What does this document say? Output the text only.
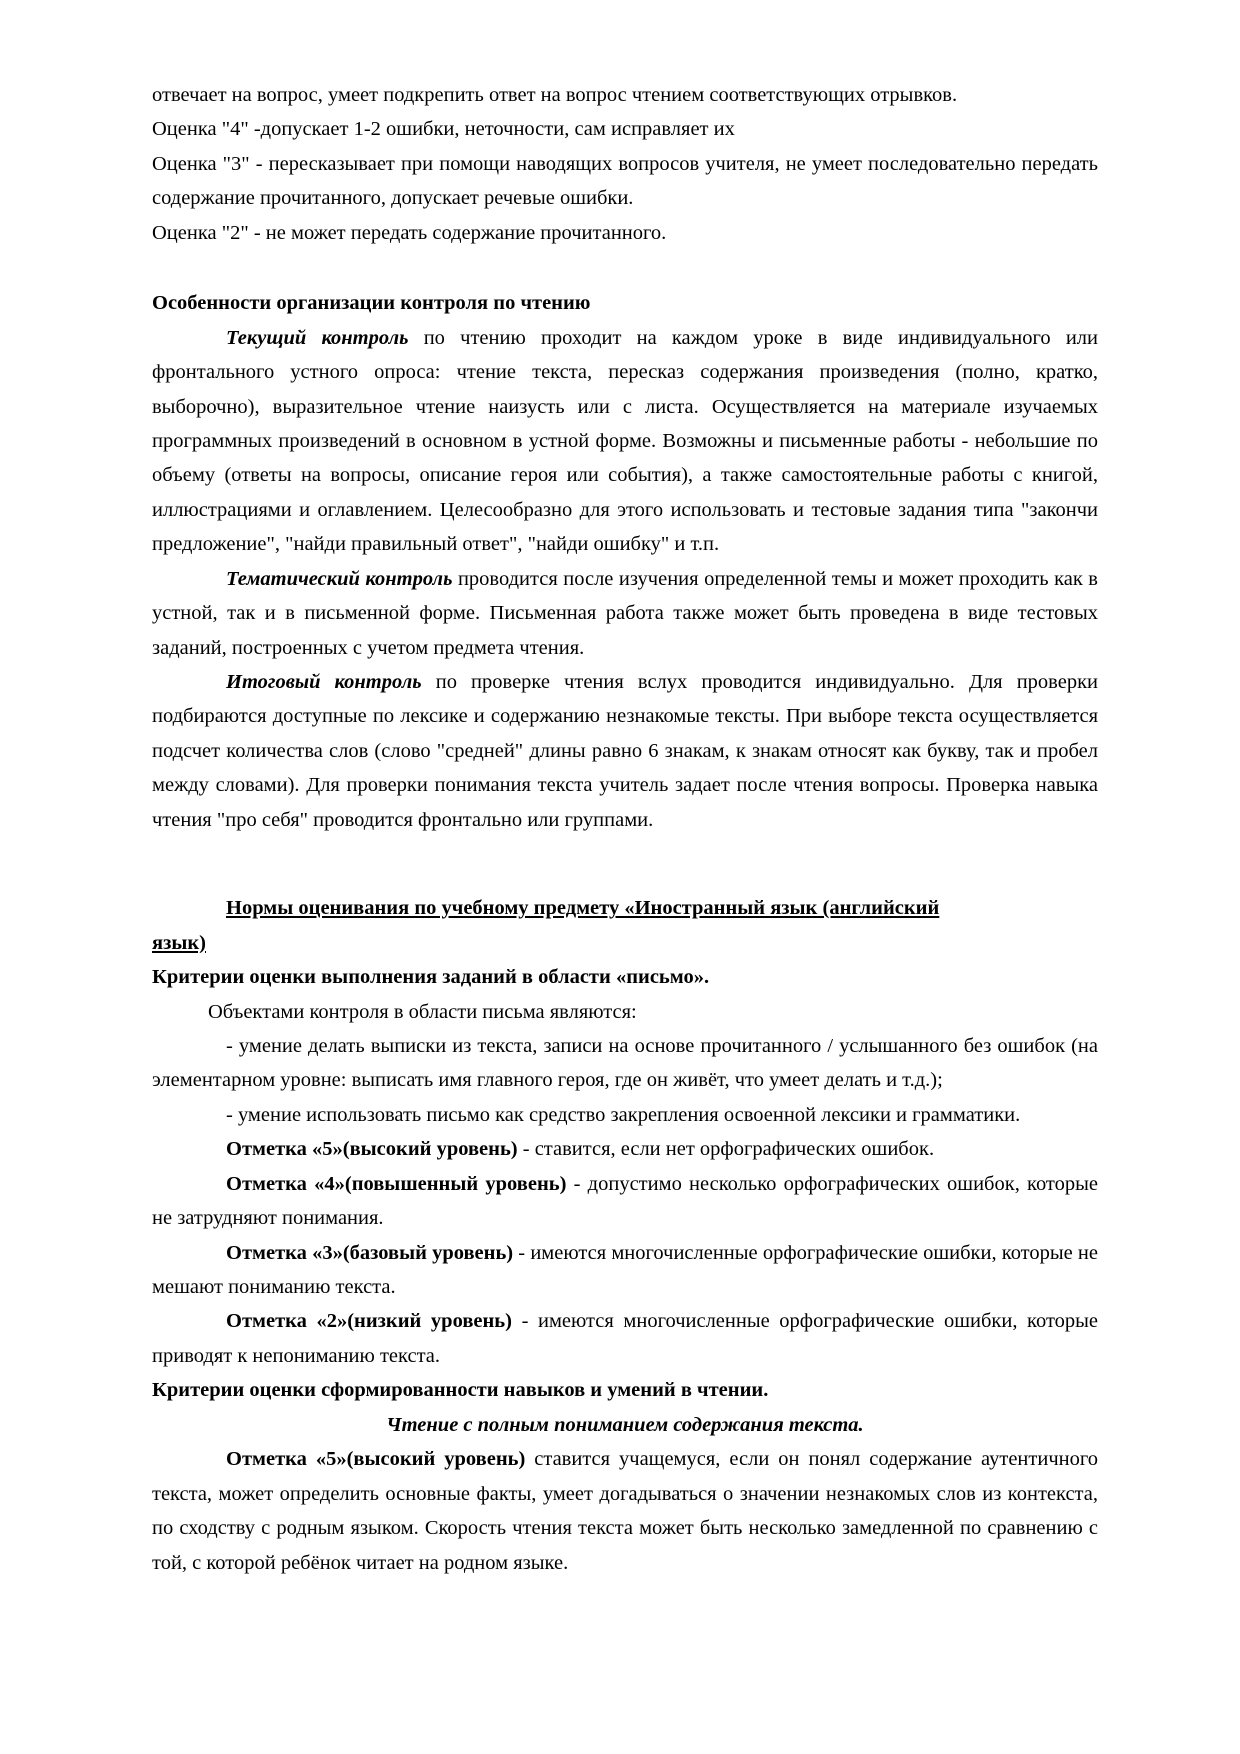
отвечает на вопрос, умеет подкрепить ответ на вопрос чтением соответствующих отрывков.

Оценка "4" -допускает 1-2 ошибки, неточности, сам исправляет их

Оценка "3" - пересказывает при помощи наводящих вопросов учителя, не умеет последовательно передать содержание прочитанного, допускает речевые ошибки.

Оценка "2" - не может передать содержание прочитанного.

Особенности организации контроля по чтению

Текущий контроль по чтению проходит на каждом уроке в виде индивидуального или фронтального устного опроса: чтение текста, пересказ содержания произведения (полно, кратко, выборочно), выразительное чтение наизусть или с листа. Осуществляется на материале изучаемых программных произведений в основном в устной форме. Возможны и письменные работы - небольшие по объему (ответы на вопросы, описание героя или события), а также самостоятельные работы с книгой, иллюстрациями и оглавлением. Целесообразно для этого использовать и тестовые задания типа "закончи предложение", "найди правильный ответ", "найди ошибку" и т.п.

Тематический контроль проводится после изучения определенной темы и может проходить как в устной, так и в письменной форме. Письменная работа также может быть проведена в виде тестовых заданий, построенных с учетом предмета чтения.

Итоговый контроль по проверке чтения вслух проводится индивидуально. Для проверки подбираются доступные по лексике и содержанию незнакомые тексты. При выборе текста осуществляется подсчет количества слов (слово "средней" длины равно 6 знакам, к знакам относят как букву, так и пробел между словами). Для проверки понимания текста учитель задает после чтения вопросы. Проверка навыка чтения "про себя" проводится фронтально или группами.

Нормы оценивания по учебному предмету «Иностранный язык (английский

язык)

Критерии оценки выполнения заданий в области «письмо».

Объектами контроля в области письма являются:

- умение делать выписки из текста, записи на основе прочитанного / услышанного без ошибок (на элементарном уровне: выписать имя главного героя, где он живёт, что умеет делать и т.д.);

- умение использовать письмо как средство закрепления освоенной лексики и грамматики.

Отметка «5»(высокий уровень) - ставится, если нет орфографических ошибок.

Отметка «4»(повышенный уровень) - допустимо несколько орфографических ошибок, которые не затрудняют понимания.

Отметка «3»(базовый уровень) - имеются многочисленные орфографические ошибки, которые не мешают пониманию текста.

Отметка «2»(низкий уровень) - имеются многочисленные орфографические ошибки, которые приводят к непониманию текста.

Критерии оценки сформированности навыков и умений в чтении.

Чтение с полным пониманием содержания текста.

Отметка «5»(высокий уровень) ставится учащемуся, если он понял содержание аутентичного текста, может определить основные факты, умеет догадываться о значении незнакомых слов из контекста, по сходству с родным языком. Скорость чтения текста может быть несколько замедленной по сравнению с той, с которой ребёнок читает на родном языке.
